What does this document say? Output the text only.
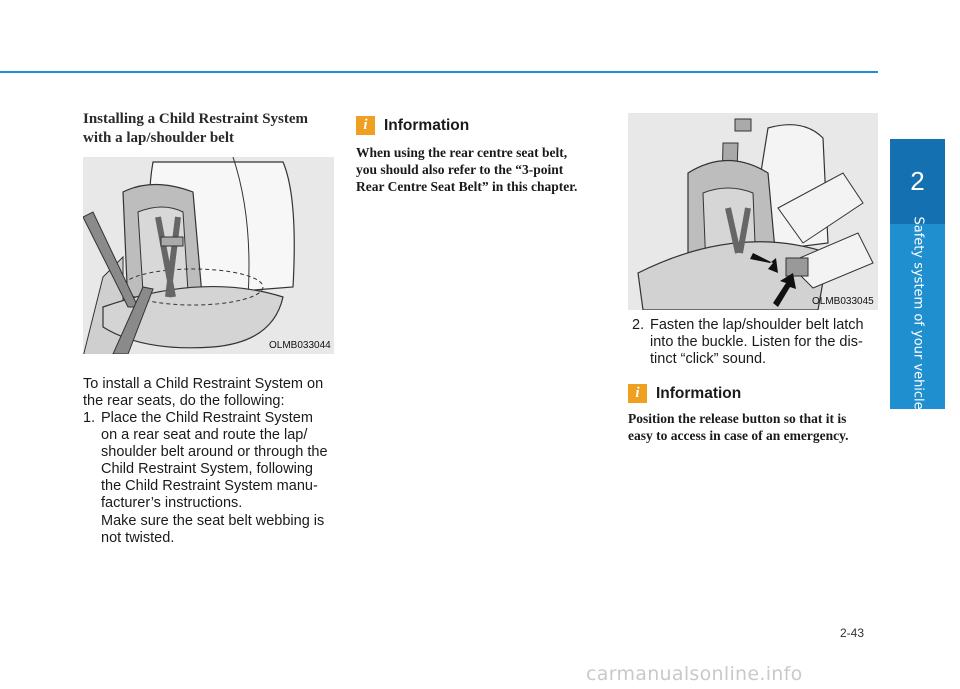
2
Safety system of your vehicle
Installing a Child Restraint System with a lap/shoulder belt
OLMB033044
To install a Child Restraint System on the rear seats, do the following:
1. Place the Child Restraint System
on a rear seat and route the lap/
shoulder belt around or through the
Child Restraint System, following
the Child Restraint System manu-
facturer’s instructions.
Make sure the seat belt webbing is
not twisted.
i	Information
When using the rear centre seat belt,
you should also refer to the “3-point
Rear Centre Seat Belt” in this chapter.
OLMB033045
2. Fasten the lap/shoulder belt latch
into the buckle. Listen for the dis-
tinct “click” sound.
i	Information
Position the release button so that it is
easy to access in case of an emergency.
2-43
carmanualsonline.info
